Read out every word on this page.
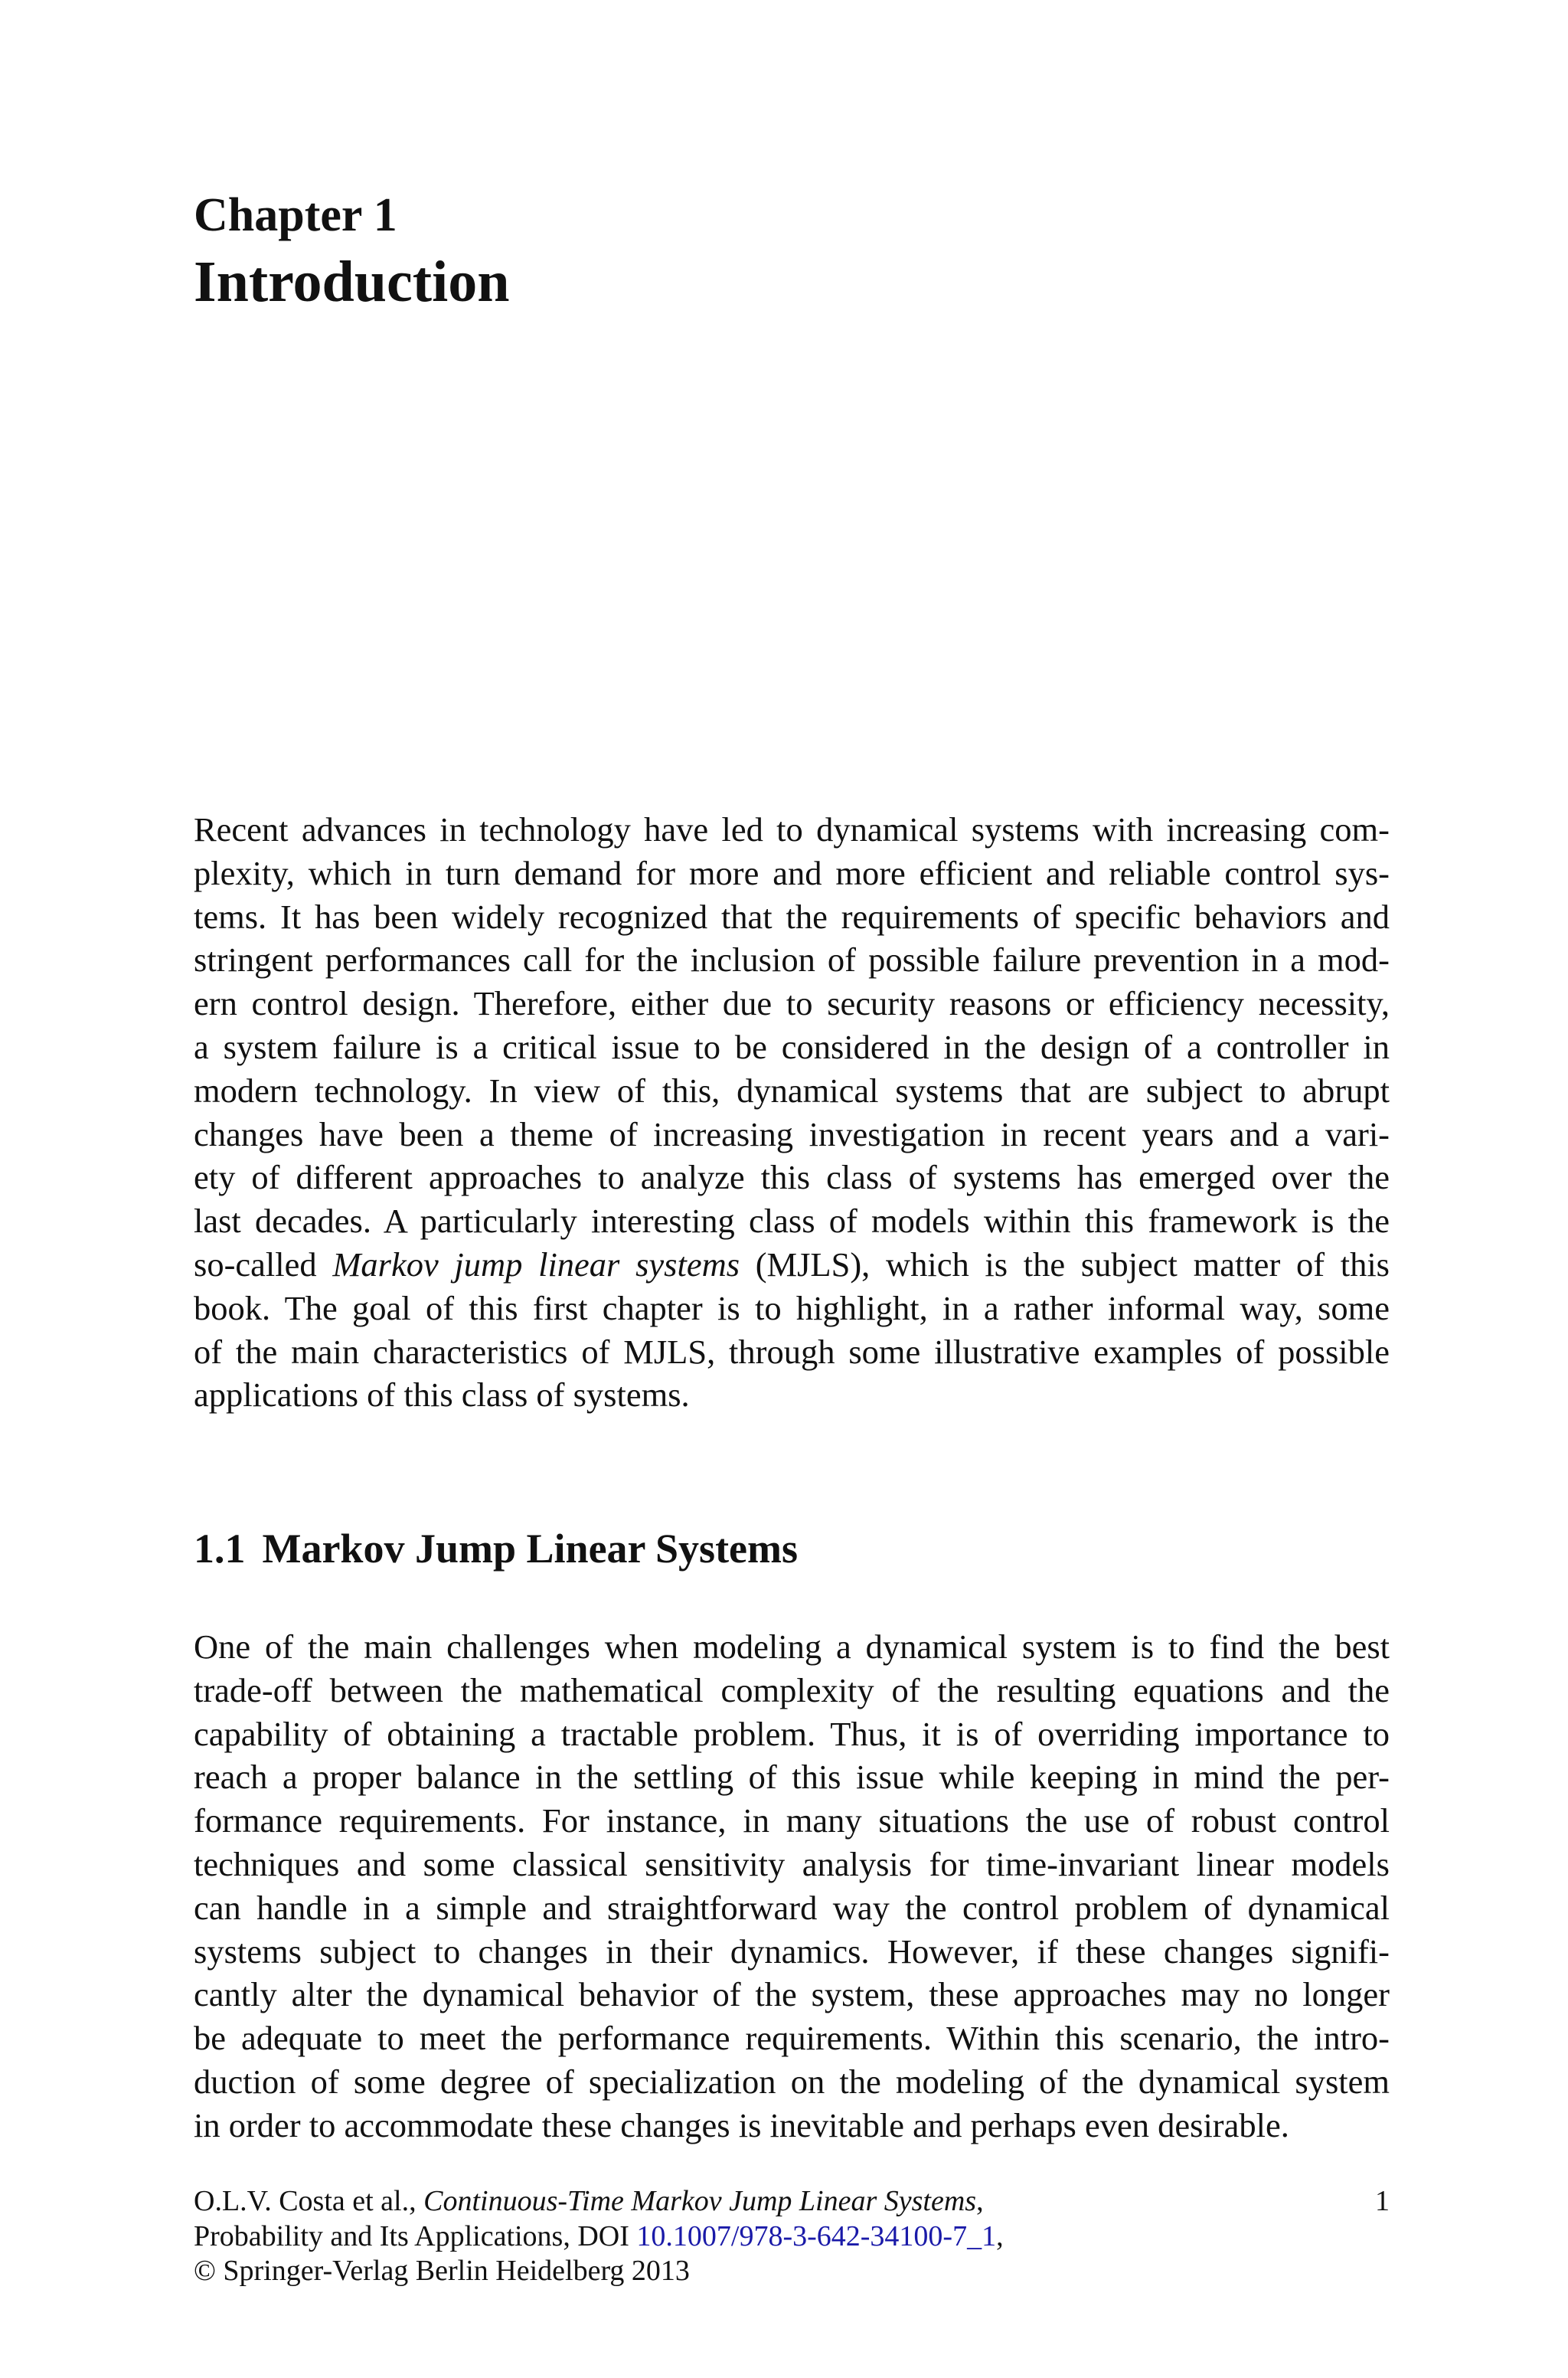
Chapter 1
Introduction

Recent advances in technology have led to dynamical systems with increasing com-
plexity, which in turn demand for more and more efficient and reliable control sys-
tems. It has been widely recognized that the requirements of specific behaviors and
stringent performances call for the inclusion of possible failure prevention in a mod-
ern control design. Therefore, either due to security reasons or efficiency necessity,
a system failure is a critical issue to be considered in the design of a controller in
modern technology. In view of this, dynamical systems that are subject to abrupt
changes have been a theme of increasing investigation in recent years and a vari-
ety of different approaches to analyze this class of systems has emerged over the
last decades. A particularly interesting class of models within this framework is the
so-called Markov jump linear systems (MJLS), which is the subject matter of this
book. The goal of this first chapter is to highlight, in a rather informal way, some
of the main characteristics of MJLS, through some illustrative examples of possible
applications of this class of systems.

1.1 Markov Jump Linear Systems

One of the main challenges when modeling a dynamical system is to find the best
trade-off between the mathematical complexity of the resulting equations and the
capability of obtaining a tractable problem. Thus, it is of overriding importance to
reach a proper balance in the settling of this issue while keeping in mind the per-
formance requirements. For instance, in many situations the use of robust control
techniques and some classical sensitivity analysis for time-invariant linear models
can handle in a simple and straightforward way the control problem of dynamical
systems subject to changes in their dynamics. However, if these changes signifi-
cantly alter the dynamical behavior of the system, these approaches may no longer
be adequate to meet the performance requirements. Within this scenario, the intro-
duction of some degree of specialization on the modeling of the dynamical system
in order to accommodate these changes is inevitable and perhaps even desirable.

O.L.V. Costa et al., Continuous-Time Markov Jump Linear Systems,
Probability and Its Applications, DOI 10.1007/978-3-642-34100-7_1,
© Springer-Verlag Berlin Heidelberg 2013
1
